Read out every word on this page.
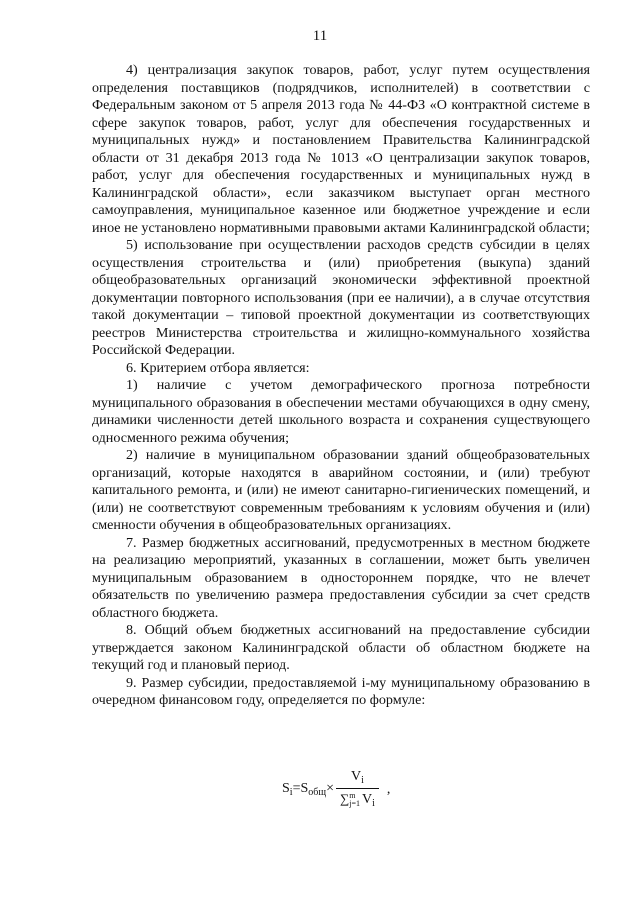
11

4) централизация закупок товаров, работ, услуг путем осуществления определения поставщиков (подрядчиков, исполнителей) в соответствии с Федеральным законом от 5 апреля 2013 года № 44-ФЗ «О контрактной системе в сфере закупок товаров, работ, услуг для обеспечения государственных и муниципальных нужд» и постановлением Правительства Калининградской области от 31 декабря 2013 года № 1013 «О централизации закупок товаров, работ, услуг для обеспечения государственных и муниципальных нужд в Калининградской области», если заказчиком выступает орган местного самоуправления, муниципальное казенное или бюджетное учреждение и если иное не установлено нормативными правовыми актами Калининградской области;

5) использование при осуществлении расходов средств субсидии в целях осуществления строительства и (или) приобретения (выкупа) зданий общеобразовательных организаций экономически эффективной проектной документации повторного использования (при ее наличии), а в случае отсутствия такой документации – типовой проектной документации из соответствующих реестров Министерства строительства и жилищно-коммунального хозяйства Российской Федерации.

6. Критерием отбора является:

1) наличие с учетом демографического прогноза потребности муниципального образования в обеспечении местами обучающихся в одну смену, динамики численности детей школьного возраста и сохранения существующего односменного режима обучения;

2) наличие в муниципальном образовании зданий общеобразовательных организаций, которые находятся в аварийном состоянии, и (или) требуют капитального ремонта, и (или) не имеют санитарно-гигиенических помещений, и (или) не соответствуют современным требованиям к условиям обучения и (или) сменности обучения в общеобразовательных организациях.

7. Размер бюджетных ассигнований, предусмотренных в местном бюджете на реализацию мероприятий, указанных в соглашении, может быть увеличен муниципальным образованием в одностороннем порядке, что не влечет обязательств по увеличению размера предоставления субсидии за счет средств областного бюджета.

8. Общий объем бюджетных ассигнований на предоставление субсидии утверждается законом Калининградской области об областном бюджете на текущий год и плановый период.

9. Размер субсидии, предоставляемой i-му муниципальному образованию в очередном финансовом году, определяется по формуле:

$S_i=S_{общ}\times V_i$
∑ m
j=1 $V_i$ ,
